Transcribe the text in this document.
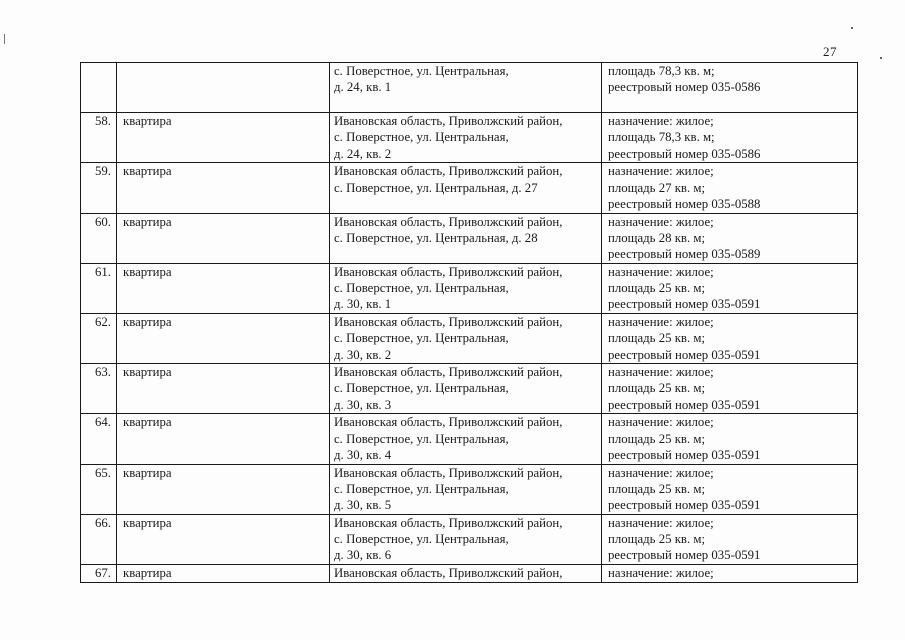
27
		с. Поверстное, ул. Центральная,
д. 24, кв. 1	площадь 78,3 кв. м;
реестровый номер 035-0586
58.	квартира	Ивановская область, Приволжский район,
с. Поверстное, ул. Центральная,
д. 24, кв. 2	назначение: жилое;
площадь 78,3 кв. м;
реестровый номер 035-0586
59.	квартира	Ивановская область, Приволжский район,
с. Поверстное, ул. Центральная, д. 27	назначение: жилое;
площадь 27 кв. м;
реестровый номер 035-0588
60.	квартира	Ивановская область, Приволжский район,
с. Поверстное, ул. Центральная, д. 28	назначение: жилое;
площадь 28 кв. м;
реестровый номер 035-0589
61.	квартира	Ивановская область, Приволжский район,
с. Поверстное, ул. Центральная,
д. 30, кв. 1	назначение: жилое;
площадь 25 кв. м;
реестровый номер 035-0591
62.	квартира	Ивановская область, Приволжский район,
с. Поверстное, ул. Центральная,
д. 30, кв. 2	назначение: жилое;
площадь 25 кв. м;
реестровый номер 035-0591
63.	квартира	Ивановская область, Приволжский район,
с. Поверстное, ул. Центральная,
д. 30, кв. 3	назначение: жилое;
площадь 25 кв. м;
реестровый номер 035-0591
64.	квартира	Ивановская область, Приволжский район,
с. Поверстное, ул. Центральная,
д. 30, кв. 4	назначение: жилое;
площадь 25 кв. м;
реестровый номер 035-0591
65.	квартира	Ивановская область, Приволжский район,
с. Поверстное, ул. Центральная,
д. 30, кв. 5	назначение: жилое;
площадь 25 кв. м;
реестровый номер 035-0591
66.	квартира	Ивановская область, Приволжский район,
с. Поверстное, ул. Центральная,
д. 30, кв. 6	назначение: жилое;
площадь 25 кв. м;
реестровый номер 035-0591
67.	квартира	Ивановская область, Приволжский район,	назначение: жилое;
